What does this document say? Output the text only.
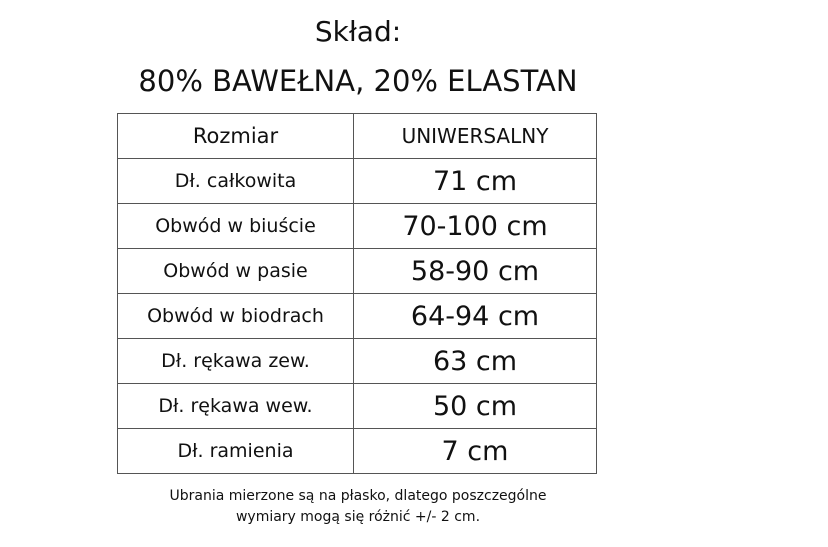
Skład:
80% BAWEŁNA, 20% ELASTAN
Rozmiar	UNIWERSALNY
Dł. całkowita	71 cm
Obwód w biuście	70-100 cm
Obwód w pasie	58-90 cm
Obwód w biodrach	64-94 cm
Dł. rękawa zew.	63 cm
Dł. rękawa wew.	50 cm
Dł. ramienia	7 cm

Ubrania mierzone są na płasko, dlatego poszczególne
wymiary mogą się różnić +/- 2 cm.
